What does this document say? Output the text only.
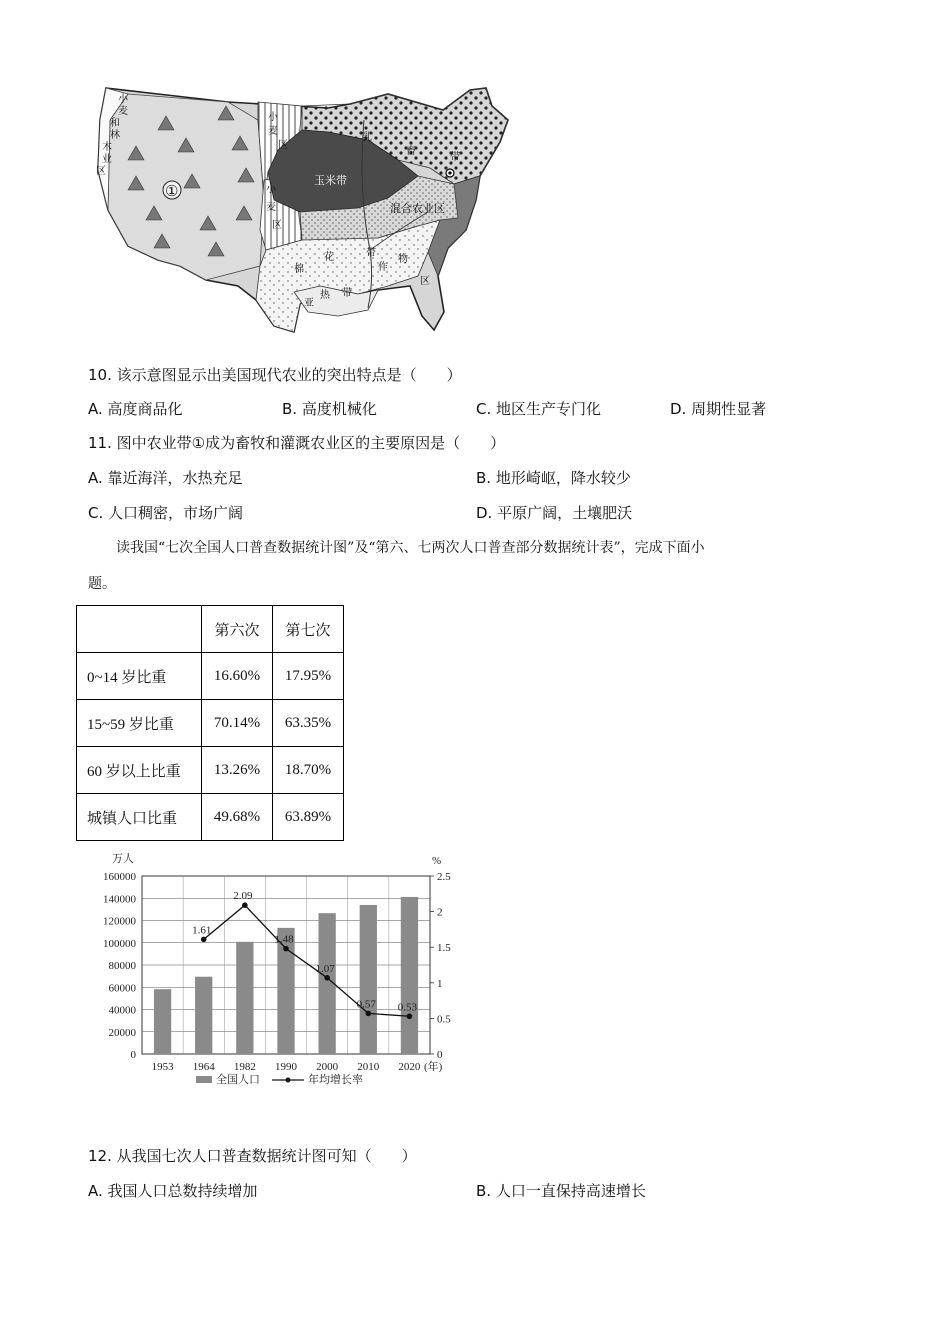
小 麦 和 林 木 业 区
小 麦 区
小 麦 区
乳 畜 带
玉米带
混合农业区
棉 花	带
作 物 区
亚 热 带
①
10. 该示意图显示出美国现代农业的突出特点是（　　）
A. 高度商品化	B. 高度机械化	C. 地区生产专门化	D. 周期性显著
11. 图中农业带①成为畜牧和灌溉农业区的主要原因是（　　）
A. 靠近海洋，水热充足	B. 地形崎岖，降水较少
C. 人口稠密，市场广阔	D. 平原广阔，土壤肥沃
读我国“七次全国人口普查数据统计图”及“第六、七两次人口普查部分数据统计表”，完成下面小
题。
	第六次	第七次
0~14 岁比重	16.60%	17.95%
15~59 岁比重	70.14%	63.35%
60 岁以上比重	13.26%	18.70%
城镇人口比重	49.68%	63.89%
万人	%
(年)
0
20000
40000
60000
80000
100000
120000
140000
160000
0
0.5
1
1.5
2
2.5
1953 1964 1982 1990 2000 2010 2020
1.61
2.09
1.48
1.07
0.57 0.53
全国人口	年均增长率
12. 从我国七次人口普查数据统计图可知（　　）
A. 我国人口总数持续增加	B. 人口一直保持高速增长
